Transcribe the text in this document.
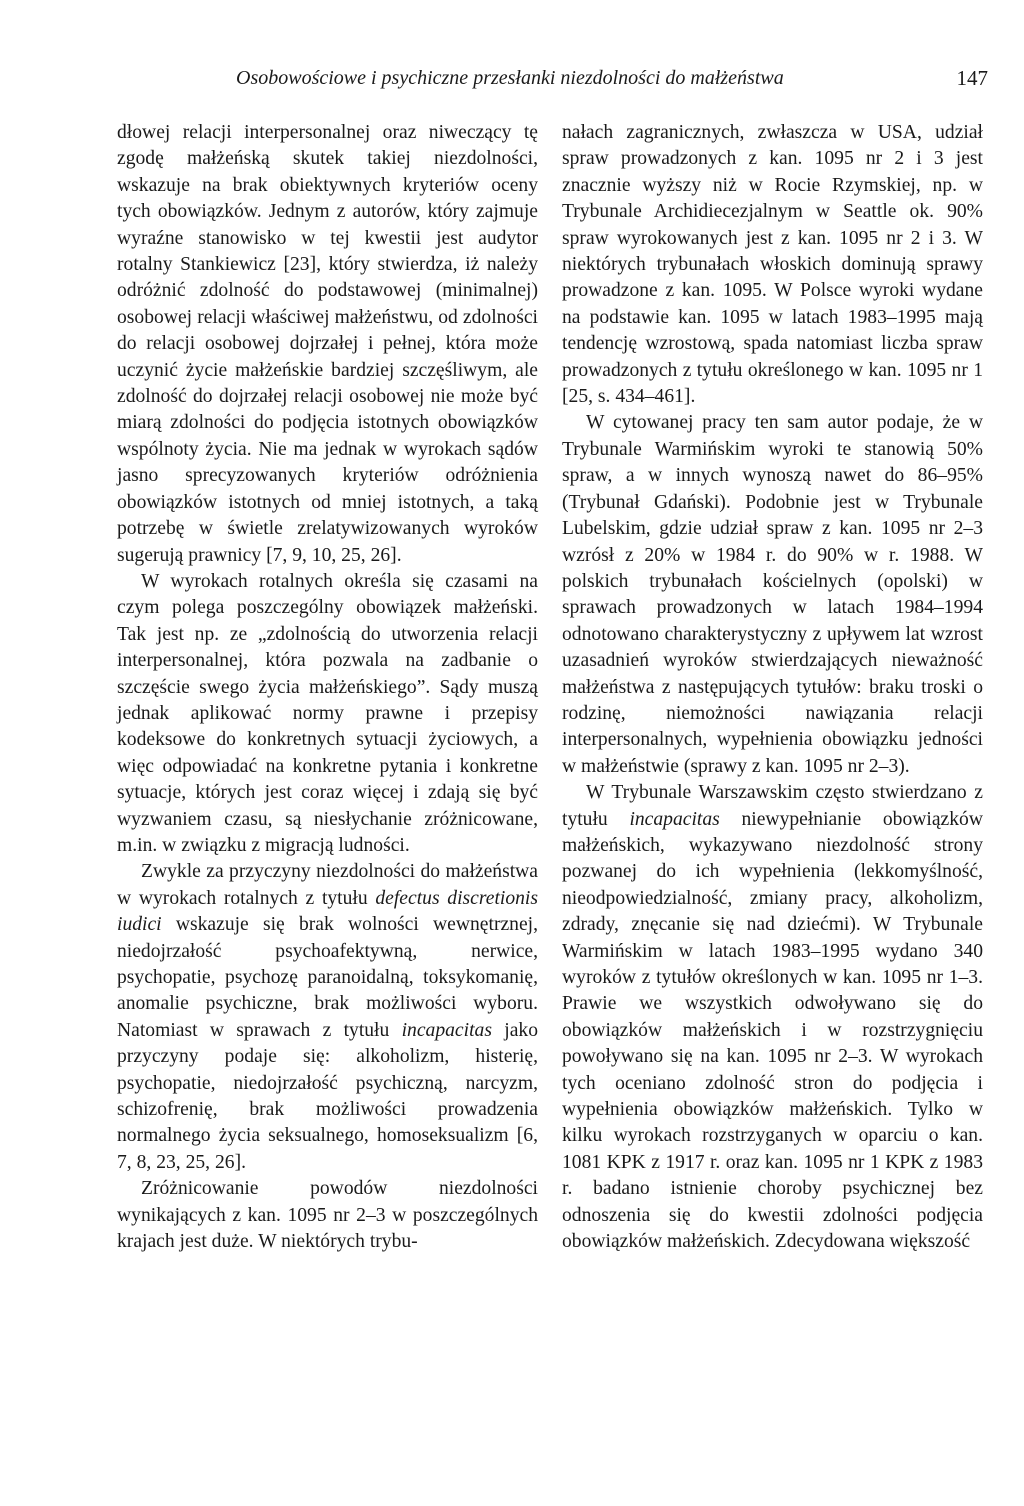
Osobowościowe i psychiczne przesłanki niezdolności do małżeństwa	147

dłowej relacji interpersonalnej oraz niweczący tę zgodę małżeńską skutek takiej niezdolności, wskazuje na brak obiektywnych kryteriów oceny tych obowiązków. Jednym z autorów, który zajmuje wyraźne stanowisko w tej kwestii jest audytor rotalny Stankiewicz [23], który stwierdza, iż należy odróżnić zdolność do podstawowej (minimalnej) osobowej relacji właściwej małżeństwu, od zdolności do relacji osobowej dojrzałej i pełnej, która może uczynić życie małżeńskie bardziej szczęśliwym, ale zdolność do dojrzałej relacji osobowej nie może być miarą zdolności do podjęcia istotnych obowiązków wspólnoty życia. Nie ma jednak w wyrokach sądów jasno sprecyzowanych kryteriów odróżnienia obowiązków istotnych od mniej istotnych, a taką potrzebę w świetle zrelatywizowanych wyroków sugerują prawnicy [7, 9, 10, 25, 26].

W wyrokach rotalnych określa się czasami na czym polega poszczególny obowiązek małżeński. Tak jest np. ze „zdolnością do utworzenia relacji interpersonalnej, która pozwala na zadbanie o szczęście swego życia małżeńskiego”. Sądy muszą jednak aplikować normy prawne i przepisy kodeksowe do konkretnych sytuacji życiowych, a więc odpowiadać na konkretne pytania i konkretne sytuacje, których jest coraz więcej i zdają się być wyzwaniem czasu, są niesłychanie zróżnicowane, m.in. w związku z migracją ludności.

Zwykle za przyczyny niezdolności do małżeństwa w wyrokach rotalnych z tytułu defectus discretionis iudici wskazuje się brak wolności wewnętrznej, niedojrzałość psychoafektywną, nerwice, psychopatie, psychozę paranoidalną, toksykomanię, anomalie psychiczne, brak możliwości wyboru. Natomiast w sprawach z tytułu incapacitas jako przyczyny podaje się: alkoholizm, histerię, psychopatie, niedojrzałość psychiczną, narcyzm, schizofrenię, brak możliwości prowadzenia normalnego życia seksualnego, homoseksualizm [6, 7, 8, 23, 25, 26].

Zróżnicowanie powodów niezdolności wynikających z kan. 1095 nr 2–3 w poszczególnych krajach jest duże. W niektórych trybu-

nałach zagranicznych, zwłaszcza w USA, udział spraw prowadzonych z kan. 1095 nr 2 i 3 jest znacznie wyższy niż w Rocie Rzymskiej, np. w Trybunale Archidiecezjalnym w Seattle ok. 90% spraw wyrokowanych jest z kan. 1095 nr 2 i 3. W niektórych trybunałach włoskich dominują sprawy prowadzone z kan. 1095. W Polsce wyroki wydane na podstawie kan. 1095 w latach 1983–1995 mają tendencję wzrostową, spada natomiast liczba spraw prowadzonych z tytułu określonego w kan. 1095 nr 1 [25, s. 434–461].

W cytowanej pracy ten sam autor podaje, że w Trybunale Warmińskim wyroki te stanowią 50% spraw, a w innych wynoszą nawet do 86–95% (Trybunał Gdański). Podobnie jest w Trybunale Lubelskim, gdzie udział spraw z kan. 1095 nr 2–3 wzrósł z 20% w 1984 r. do 90% w r. 1988. W polskich trybunałach kościelnych (opolski) w sprawach prowadzonych w latach 1984–1994 odnotowano charakterystyczny z upływem lat wzrost uzasadnień wyroków stwierdzających nieważność małżeństwa z następujących tytułów: braku troski o rodzinę, niemożności nawiązania relacji interpersonalnych, wypełnienia obowiązku jedności w małżeństwie (sprawy z kan. 1095 nr 2–3).

W Trybunale Warszawskim często stwierdzano z tytułu incapacitas niewypełnianie obowiązków małżeńskich, wykazywano niezdolność strony pozwanej do ich wypełnienia (lekkomyślność, nieodpowiedzialność, zmiany pracy, alkoholizm, zdrady, znęcanie się nad dziećmi). W Trybunale Warmińskim w latach 1983–1995 wydano 340 wyroków z tytułów określonych w kan. 1095 nr 1–3. Prawie we wszystkich odwoływano się do obowiązków małżeńskich i w rozstrzygnięciu powoływano się na kan. 1095 nr 2–3. W wyrokach tych oceniano zdolność stron do podjęcia i wypełnienia obowiązków małżeńskich. Tylko w kilku wyrokach rozstrzyganych w oparciu o kan. 1081 KPK z 1917 r. oraz kan. 1095 nr 1 KPK z 1983 r. badano istnienie choroby psychicznej bez odnoszenia się do kwestii zdolności podjęcia obowiązków małżeńskich. Zdecydowana większość
